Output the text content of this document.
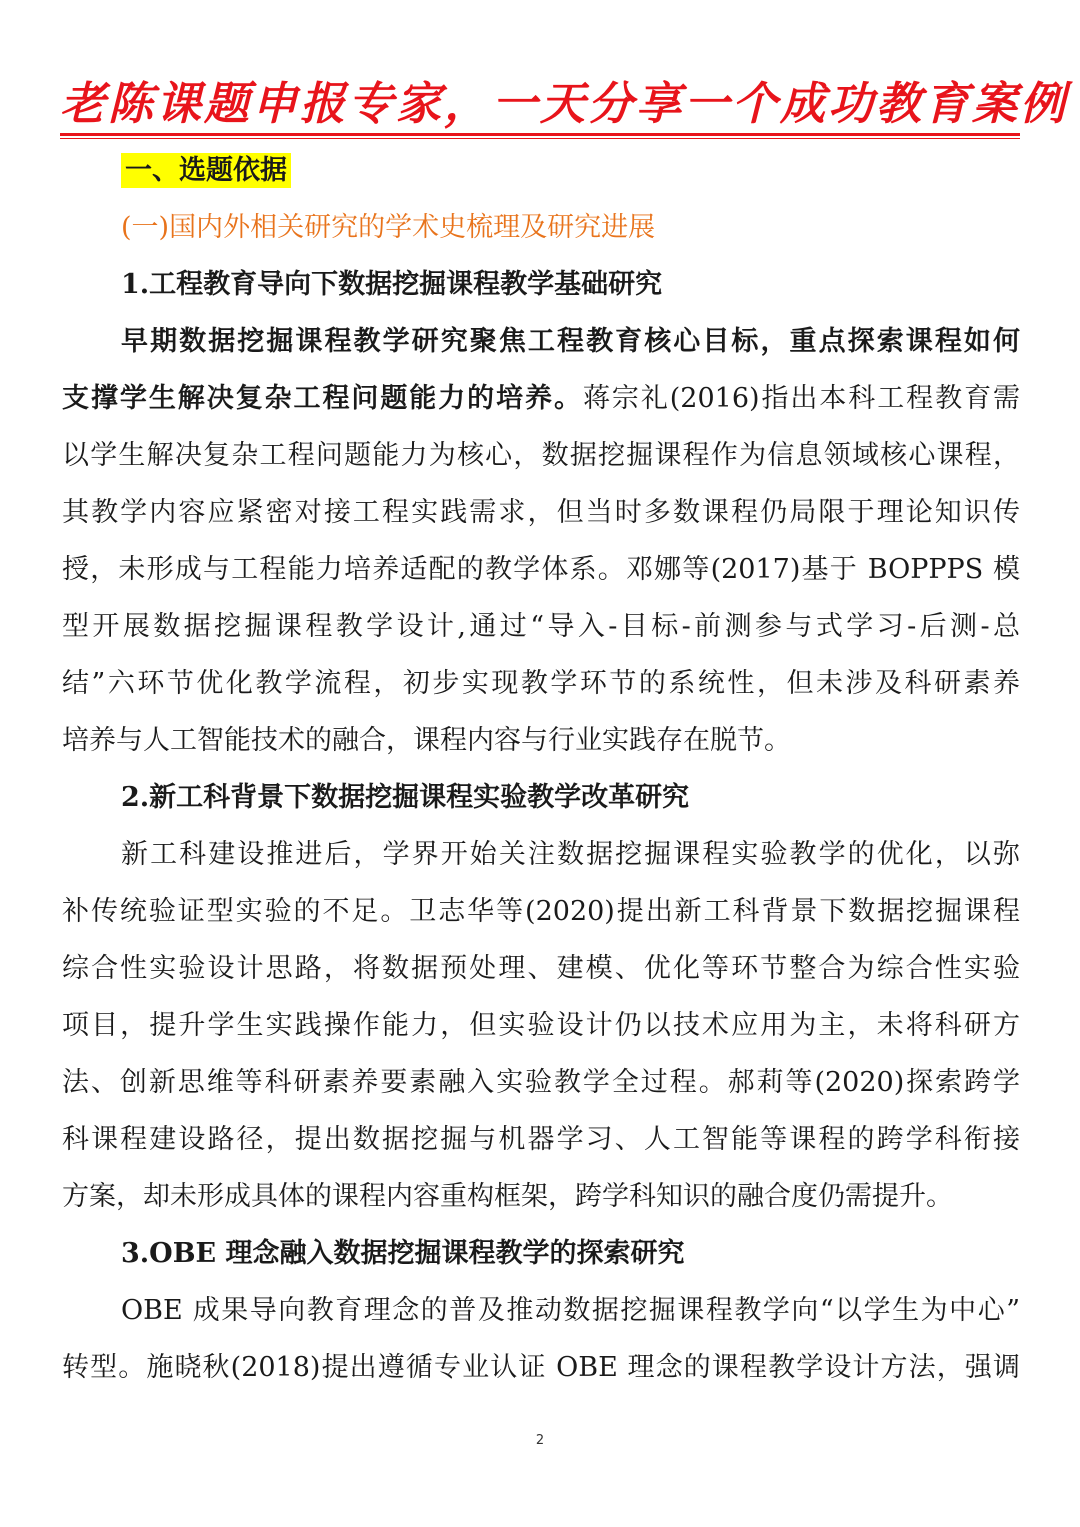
老陈课题申报专家，一天分享一个成功教育案例
一、选题依据
(一)国内外相关研究的学术史梳理及研究进展
1.工程教育导向下数据挖掘课程教学基础研究
早期数据挖掘课程教学研究聚焦工程教育核心目标，重点探索课程如何
支撑学生解决复杂工程问题能力的培养。蒋宗礼(2016)指出本科工程教育需
以学生解决复杂工程问题能力为核心，数据挖掘课程作为信息领域核心课程，
其教学内容应紧密对接工程实践需求，但当时多数课程仍局限于理论知识传
授，未形成与工程能力培养适配的教学体系。邓娜等(2017)基于 BOPPPS 模
型开展数据挖掘课程教学设计,通过“导入-目标-前测参与式学习-后测-总
结”六环节优化教学流程，初步实现教学环节的系统性，但未涉及科研素养
培养与人工智能技术的融合，课程内容与行业实践存在脱节。
2.新工科背景下数据挖掘课程实验教学改革研究
新工科建设推进后，学界开始关注数据挖掘课程实验教学的优化，以弥
补传统验证型实验的不足。卫志华等(2020)提出新工科背景下数据挖掘课程
综合性实验设计思路，将数据预处理、建模、优化等环节整合为综合性实验
项目，提升学生实践操作能力，但实验设计仍以技术应用为主，未将科研方
法、创新思维等科研素养要素融入实验教学全过程。郝莉等(2020)探索跨学
科课程建设路径，提出数据挖掘与机器学习、人工智能等课程的跨学科衔接
方案，却未形成具体的课程内容重构框架，跨学科知识的融合度仍需提升。
3.OBE 理念融入数据挖掘课程教学的探索研究
OBE 成果导向教育理念的普及推动数据挖掘课程教学向“以学生为中心”
转型。施晓秋(2018)提出遵循专业认证 OBE 理念的课程教学设计方法，强调
2
